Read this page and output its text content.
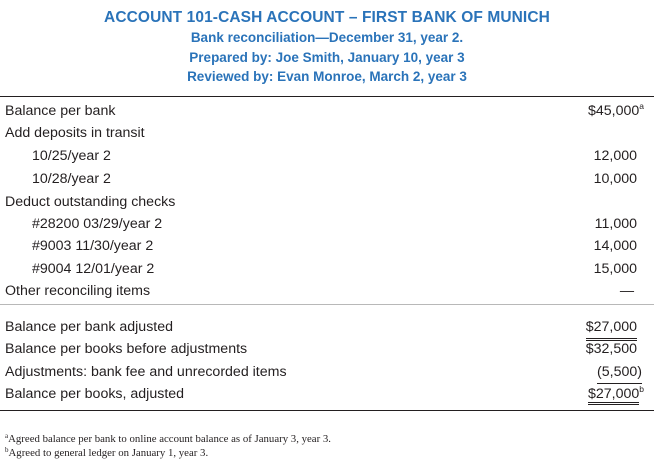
ACCOUNT 101-CASH ACCOUNT – FIRST BANK OF MUNICH
Bank reconciliation—December 31, year 2.
Prepared by: Joe Smith, January 10, year 3
Reviewed by: Evan Monroe, March 2, year 3
Balance per bank	$45,000$^a$
Add deposits in transit
10/25/year 2	12,000
10/28/year 2	10,000
Deduct outstanding checks
#28200 03/29/year 2	11,000
#9003 11/30/year 2	14,000
#9004 12/01/year 2	15,000
Other reconciling items	—
Balance per bank adjusted	$27,000
Balance per books before adjustments	$32,500
Adjustments: bank fee and unrecorded items	(5,500)
Balance per books, adjusted	$27,000$^b$
$^a$Agreed balance per bank to online account balance as of January 3, year 3.
$^b$Agreed to general ledger on January 1, year 3.
